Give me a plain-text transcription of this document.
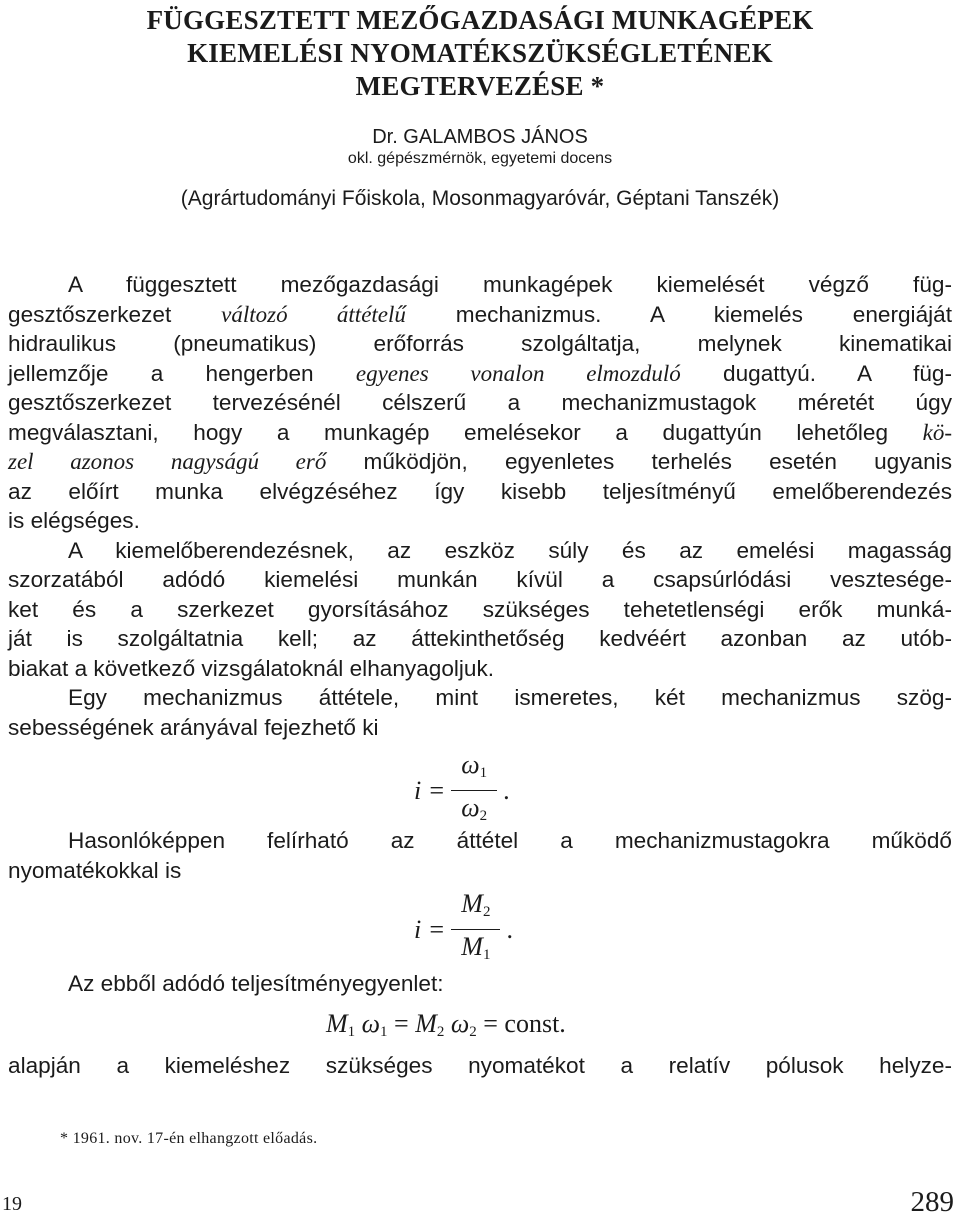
FÜGGESZTETT MEZŐGAZDASÁGI MUNKAGÉPEK
KIEMELÉSI NYOMATÉKSZÜKSÉGLETÉNEK
MEGTERVEZÉSE *
Dr. GALAMBOS JÁNOS
okl. gépészmérnök, egyetemi docens
(Agrártudományi Főiskola, Mosonmagyaróvár, Géptani Tanszék)
A függesztett mezőgazdasági munkagépek kiemelését végző füg-
gesztőszerkezet változó áttételű mechanizmus. A kiemelés energiáját
hidraulikus (pneumatikus) erőforrás szolgáltatja, melynek kinematikai
jellemzője a hengerben egyenes vonalon elmozduló dugattyú. A füg-
gesztőszerkezet tervezésénél célszerű a mechanizmustagok méretét úgy
megválasztani, hogy a munkagép emelésekor a dugattyún lehetőleg kö-
zel azonos nagyságú erő működjön, egyenletes terhelés esetén ugyanis
az előírt munka elvégzéséhez így kisebb teljesítményű emelőberendezés
is elégséges.
A kiemelőberendezésnek, az eszköz súly és az emelési magasság
szorzatából adódó kiemelési munkán kívül a csapsúrlódási vesztesége-
ket és a szerkezet gyorsításához szükséges tehetetlenségi erők munká-
ját is szolgáltatnia kell; az áttekinthetőség kedvéért azonban az utób-
biakat a következő vizsgálatoknál elhanyagoljuk.
Egy mechanizmus áttétele, mint ismeretes, két mechanizmus szög-
sebességének arányával fejezhető ki
$i = \frac{\omega_1}{\omega_2}$ .
Hasonlóképpen felírható az áttétel a mechanizmustagokra működő
nyomatékokkal is
$i = \frac{M_2}{M_1}$ .
Az ebből adódó teljesítményegyenlet:
$M_1$ $\omega_1 = M_2$ $\omega_2$ = const.
alapján a kiemeléshez szükséges nyomatékot a relatív pólusok helyze-
* 1961. nov. 17-én elhangzott előadás.
19	289
